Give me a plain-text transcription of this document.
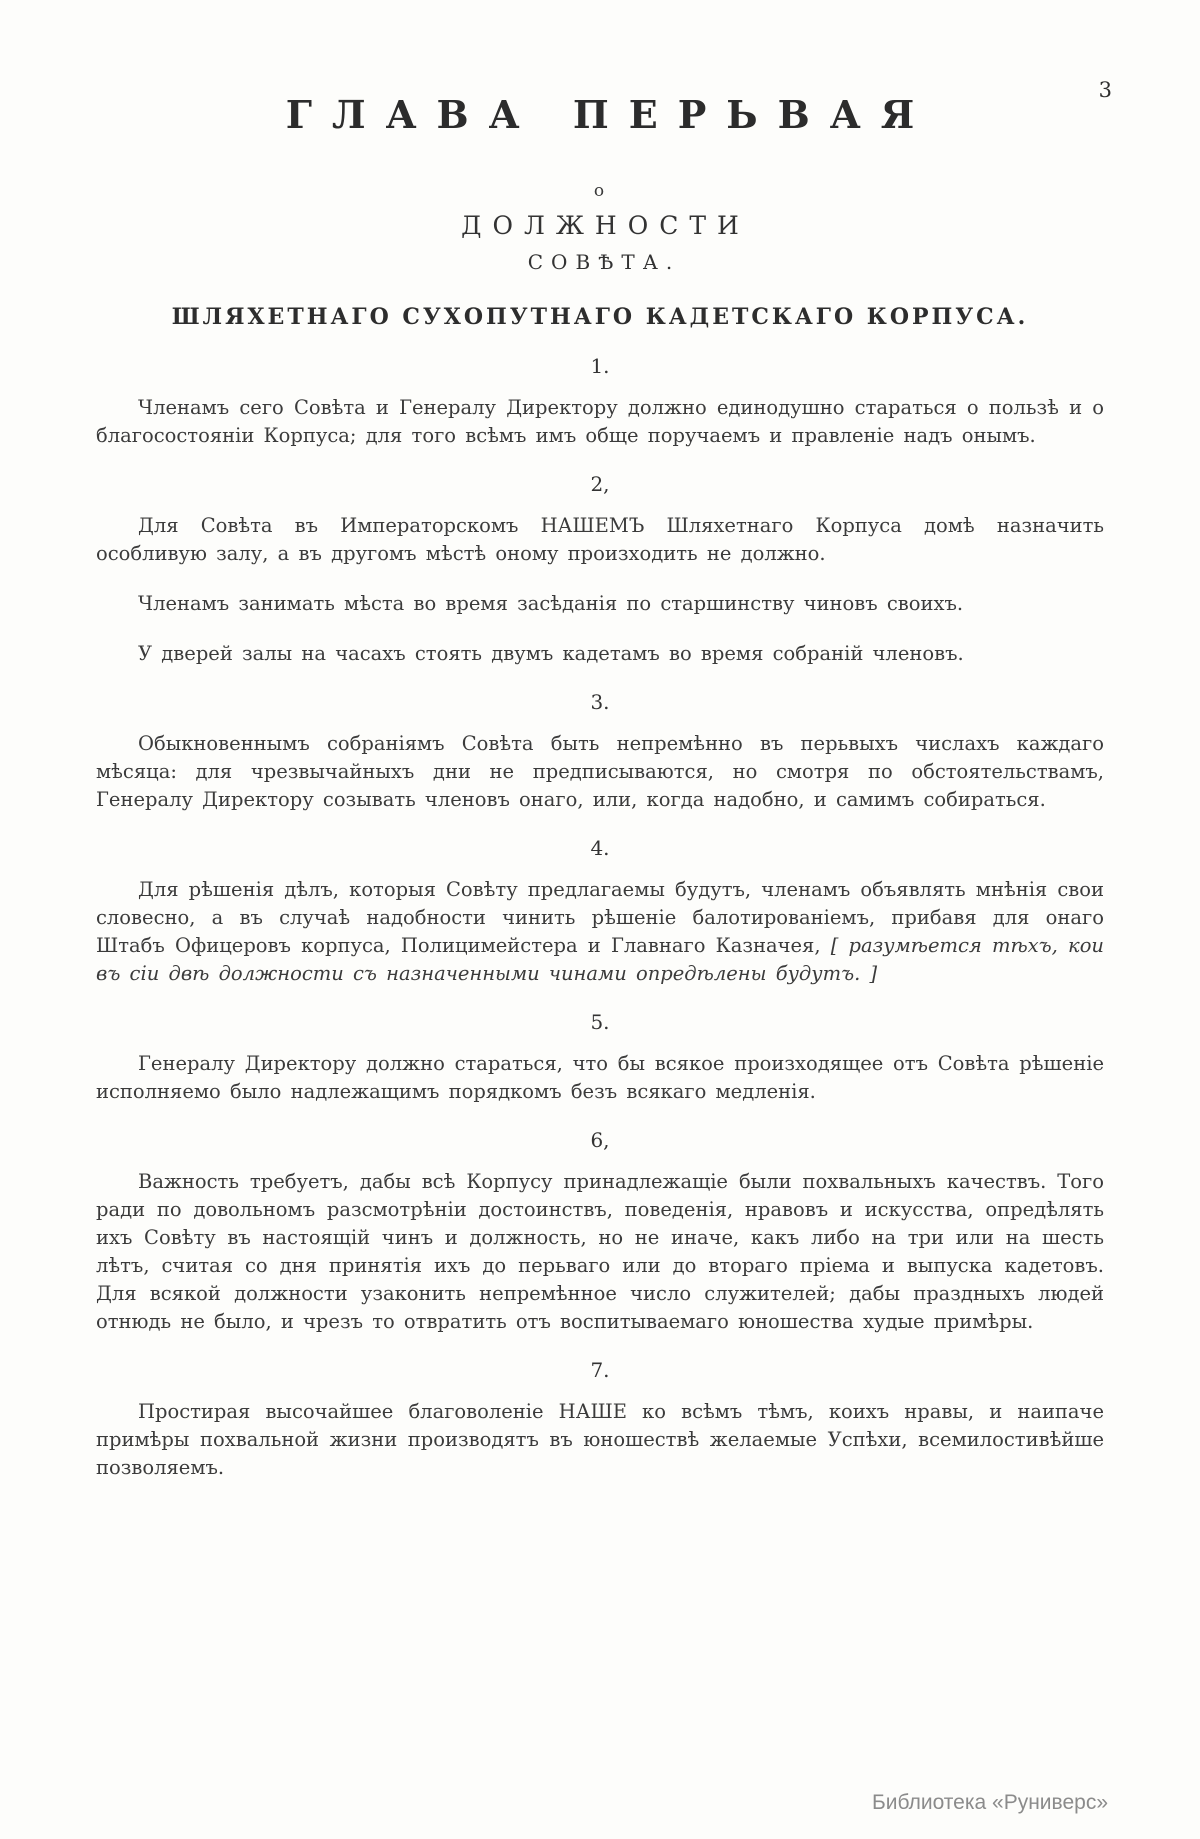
3
ГЛАВА ПЕРЬВАЯ
о
ДОЛЖНОСТИ
СОВѢТА.
ШЛЯХЕТНАГО СУХОПУТНАГО КАДЕТСКАГО КОРПУСА.
1.

Членамъ сего Совѣта и Генералу Директору должно единодушно стараться о пользѣ и о благосостояніи Корпуса; для того всѣмъ имъ обще поручаемъ и правленіе надъ онымъ.

2,

Для Совѣта въ Императорскомъ НАШЕМЪ Шляхетнаго Корпуса домѣ назначить особливую залу, а въ другомъ мѣстѣ оному произходить не должно.

Членамъ занимать мѣста во время засѣданія по старшинству чиновъ своихъ.

У дверей залы на часахъ стоять двумъ кадетамъ во время собраній членовъ.

3.

Обыкновеннымъ собраніямъ Совѣта быть непремѣнно въ перьвыхъ числахъ каждаго мѣсяца: для чрезвычайныхъ дни не предписываются, но смотря по обстоятельствамъ, Генералу Директору созывать членовъ онаго, или, когда надобно, и самимъ собираться.

4.

Для рѣшенія дѣлъ, которыя Совѣту предлагаемы будутъ, членамъ объявлять мнѣнія свои словесно, а въ случаѣ надобности чинить рѣшеніе балотированіемъ, прибавя для онаго Штабъ Офицеровъ корпуса, Полицимейстера и Главнаго Казначея, [ разумѣется тѣхъ, кои въ сіи двѣ должности съ назначенными чинами опредѣлены будутъ. ]

5.

Генералу Директору должно стараться, что бы всякое произходящее отъ Совѣта рѣшеніе исполняемо было надлежащимъ порядкомъ безъ всякаго медленія.

6,

Важность требуетъ, дабы всѣ Корпусу принадлежащіе были похвальныхъ качествъ. Того ради по довольномъ разсмотрѣніи достоинствъ, поведенія, нравовъ и искусства, опредѣлять ихъ Совѣту въ настоящій чинъ и должность, но не иначе, какъ либо на три или на шесть лѣтъ, считая со дня принятія ихъ до перьваго или до втораго пріема и выпуска кадетовъ. Для всякой должности узаконить непремѣнное число служителей; дабы праздныхъ людей отнюдь не было, и чрезъ то отвратить отъ воспитываемаго юношества худые примѣры.

7.

Простирая высочайшее благоволеніе НАШЕ ко всѣмъ тѣмъ, коихъ нравы, и наипаче примѣры похвальной жизни производятъ въ юношествѣ желаемые Успѣхи, всемилостивѣйше позволяемъ.

Библиотека «Руниверс»
